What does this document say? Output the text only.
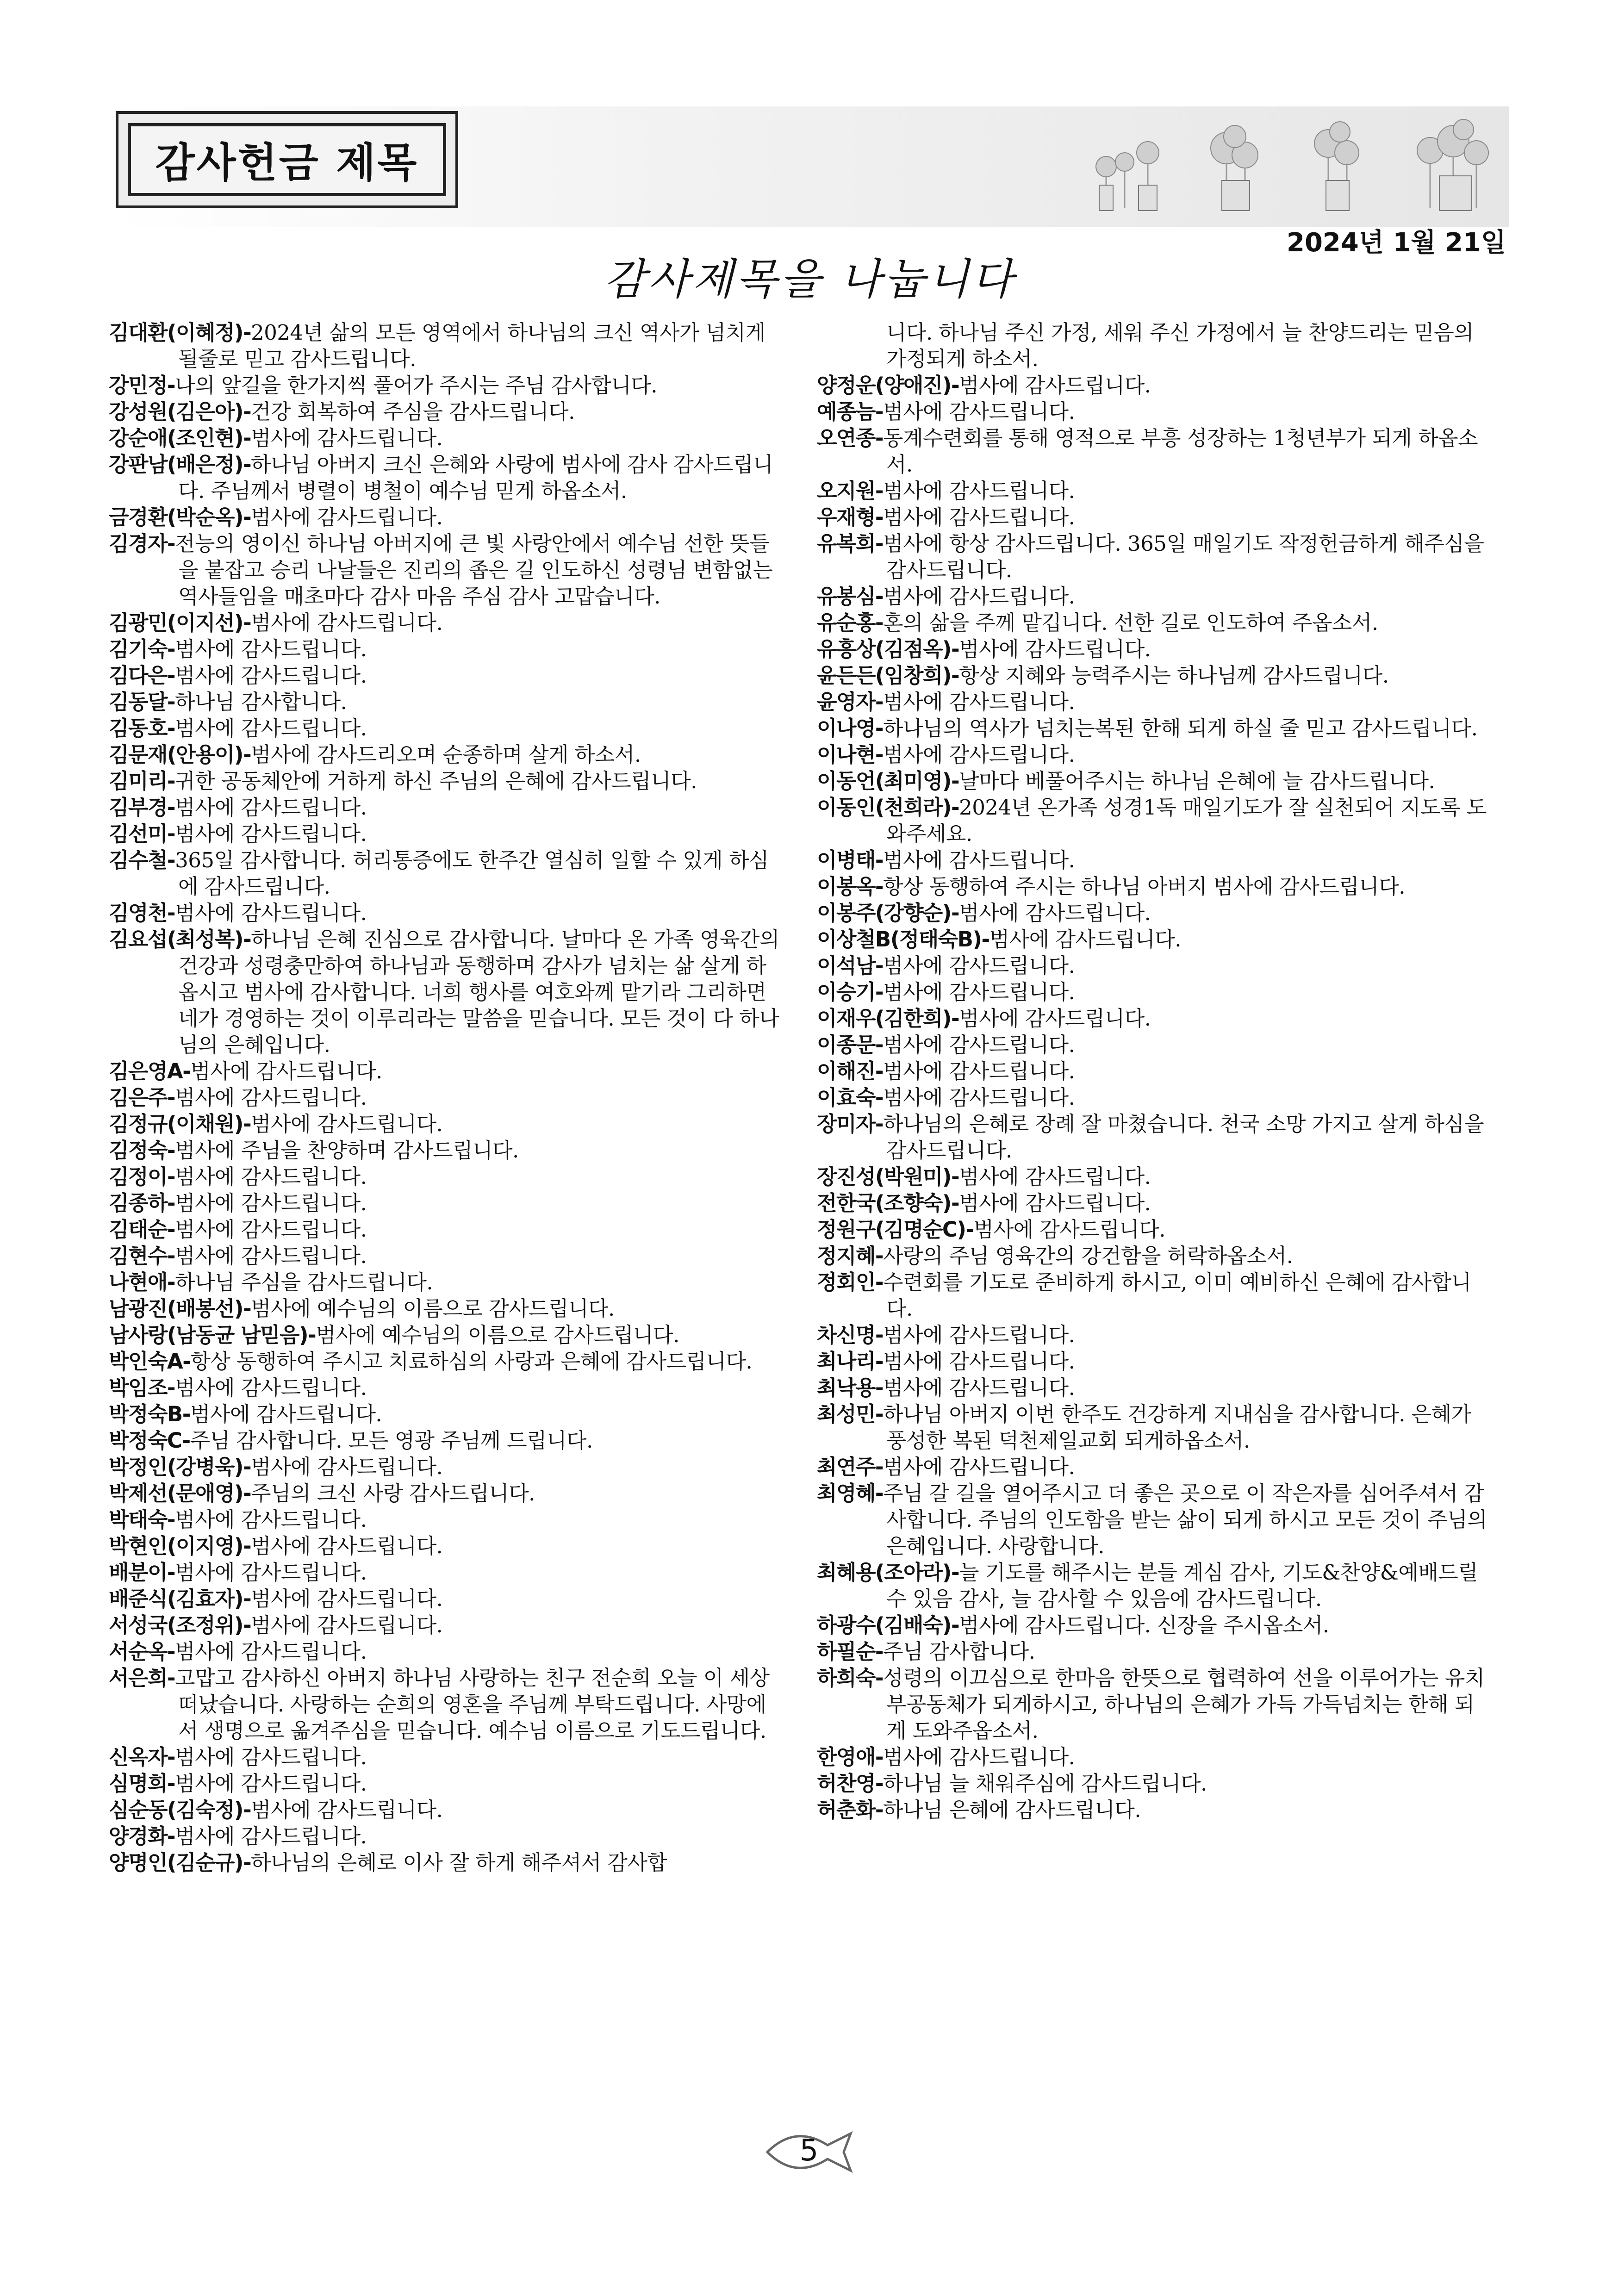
감사헌금 제목
2024년 1월 21일
감사제목을 나눕니다

김대환(이혜정)-2024년 삶의 모든 영역에서 하나님의 크신 역사가 넘치게 될줄로 믿고 감사드립니다.

강민정-나의 앞길을 한가지씩 풀어가 주시는 주님 감사합니다.

강성원(김은아)-건강 회복하여 주심을 감사드립니다.

강순애(조인현)-범사에 감사드립니다.

강판남(배은정)-하나님 아버지 크신 은혜와 사랑에 범사에 감사 감사드립니다. 주님께서 병렬이 병철이 예수님 믿게 하옵소서.

금경환(박순옥)-범사에 감사드립니다.

김경자-전능의 영이신 하나님 아버지에 큰 빛 사랑안에서 예수님 선한 뜻들을 붙잡고 승리 나날들은 진리의 좁은 길 인도하신 성령님 변함없는 역사들임을 매초마다 감사 마음 주심 감사 고맙습니다.

김광민(이지선)-범사에 감사드립니다.

김기숙-범사에 감사드립니다.

김다은-범사에 감사드립니다.

김동달-하나님 감사합니다.

김동호-범사에 감사드립니다.

김문재(안용이)-범사에 감사드리오며 순종하며 살게 하소서.

김미리-귀한 공동체안에 거하게 하신 주님의 은혜에 감사드립니다.

김부경-범사에 감사드립니다.

김선미-범사에 감사드립니다.

김수철-365일 감사합니다. 허리통증에도 한주간 열심히 일할 수 있게 하심에 감사드립니다.

김영천-범사에 감사드립니다.

김요섭(최성복)-하나님 은혜 진심으로 감사합니다. 날마다 온 가족 영육간의 건강과 성령충만하여 하나님과 동행하며 감사가 넘치는 삶 살게 하옵시고 범사에 감사합니다. 너희 행사를 여호와께 맡기라 그리하면 네가 경영하는 것이 이루리라는 말씀을 믿습니다. 모든 것이 다 하나님의 은혜입니다.

김은영A-범사에 감사드립니다.

김은주-범사에 감사드립니다.

김정규(이채원)-범사에 감사드립니다.

김정숙-범사에 주님을 찬양하며 감사드립니다.

김정이-범사에 감사드립니다.

김종하-범사에 감사드립니다.

김태순-범사에 감사드립니다.

김현수-범사에 감사드립니다.

나현애-하나님 주심을 감사드립니다.

남광진(배봉선)-범사에 예수님의 이름으로 감사드립니다.

남사랑(남동균 남믿음)-범사에 예수님의 이름으로 감사드립니다.

박인숙A-항상 동행하여 주시고 치료하심의 사랑과 은혜에 감사드립니다.

박임조-범사에 감사드립니다.

박정숙B-범사에 감사드립니다.

박정숙C-주님 감사합니다. 모든 영광 주님께 드립니다.

박정인(강병욱)-범사에 감사드립니다.

박제선(문애영)-주님의 크신 사랑 감사드립니다.

박태숙-범사에 감사드립니다.

박현인(이지영)-범사에 감사드립니다.

배분이-범사에 감사드립니다.

배준식(김효자)-범사에 감사드립니다.

서성국(조정위)-범사에 감사드립니다.

서순옥-범사에 감사드립니다.

서은희-고맙고 감사하신 아버지 하나님 사랑하는 친구 전순희 오늘 이 세상 떠났습니다. 사랑하는 순희의 영혼을 주님께 부탁드립니다. 사망에서 생명으로 옮겨주심을 믿습니다. 예수님 이름으로 기도드립니다.

신옥자-범사에 감사드립니다.

심명희-범사에 감사드립니다.

심순동(김숙정)-범사에 감사드립니다.

양경화-범사에 감사드립니다.

양명인(김순규)-하나님의 은혜로 이사 잘 하게 해주셔서 감사합

니다. 하나님 주신 가정, 세워 주신 가정에서 늘 찬양드리는 믿음의 가정되게 하소서.

양정운(양애진)-범사에 감사드립니다.

예종늠-범사에 감사드립니다.

오연종-동계수련회를 통해 영적으로 부흥 성장하는 1청년부가 되게 하옵소서.

오지원-범사에 감사드립니다.

우재형-범사에 감사드립니다.

유복희-범사에 항상 감사드립니다. 365일 매일기도 작정헌금하게 해주심을 감사드립니다.

유봉심-범사에 감사드립니다.

유순홍-혼의 삶을 주께 맡깁니다. 선한 길로 인도하여 주옵소서.

유흥상(김점옥)-범사에 감사드립니다.

윤든든(임창희)-항상 지혜와 능력주시는 하나님께 감사드립니다.

윤영자-범사에 감사드립니다.

이나영-하나님의 역사가 넘치는복된 한해 되게 하실 줄 믿고 감사드립니다.

이나현-범사에 감사드립니다.

이동언(최미영)-날마다 베풀어주시는 하나님 은혜에 늘 감사드립니다.

이동인(천희라)-2024년 온가족 성경1독 매일기도가 잘 실천되어 지도록 도와주세요.

이병태-범사에 감사드립니다.

이봉옥-항상 동행하여 주시는 하나님 아버지 범사에 감사드립니다.

이봉주(강향순)-범사에 감사드립니다.

이상철B(정태숙B)-범사에 감사드립니다.

이석남-범사에 감사드립니다.

이승기-범사에 감사드립니다.

이재우(김한희)-범사에 감사드립니다.

이종문-범사에 감사드립니다.

이해진-범사에 감사드립니다.

이효숙-범사에 감사드립니다.

장미자-하나님의 은혜로 장례 잘 마쳤습니다. 천국 소망 가지고 살게 하심을 감사드립니다.

장진성(박원미)-범사에 감사드립니다.

전한국(조향숙)-범사에 감사드립니다.

정원구(김명순C)-범사에 감사드립니다.

정지혜-사랑의 주님 영육간의 강건함을 허락하옵소서.

정회인-수련회를 기도로 준비하게 하시고, 이미 예비하신 은혜에 감사합니다.

차신명-범사에 감사드립니다.

최나리-범사에 감사드립니다.

최낙용-범사에 감사드립니다.

최성민-하나님 아버지 이번 한주도 건강하게 지내심을 감사합니다. 은혜가 풍성한 복된 덕천제일교회 되게하옵소서.

최연주-범사에 감사드립니다.

최영혜-주님 갈 길을 열어주시고 더 좋은 곳으로 이 작은자를 심어주셔서 감사합니다. 주님의 인도함을 받는 삶이 되게 하시고 모든 것이 주님의 은혜입니다. 사랑합니다.

최혜용(조아라)-늘 기도를 해주시는 분들 계심 감사, 기도&찬양&예배드릴 수 있음 감사, 늘 감사할 수 있음에 감사드립니다.

하광수(김배숙)-범사에 감사드립니다. 신장을 주시옵소서.

하필순-주님 감사합니다.

하희숙-성령의 이끄심으로 한마음 한뜻으로 협력하여 선을 이루어가는 유치부공동체가 되게하시고, 하나님의 은혜가 가득 가득넘치는 한해 되게 도와주옵소서.

한영애-범사에 감사드립니다.

허찬영-하나님 늘 채워주심에 감사드립니다.

허춘화-하나님 은혜에 감사드립니다.

5
